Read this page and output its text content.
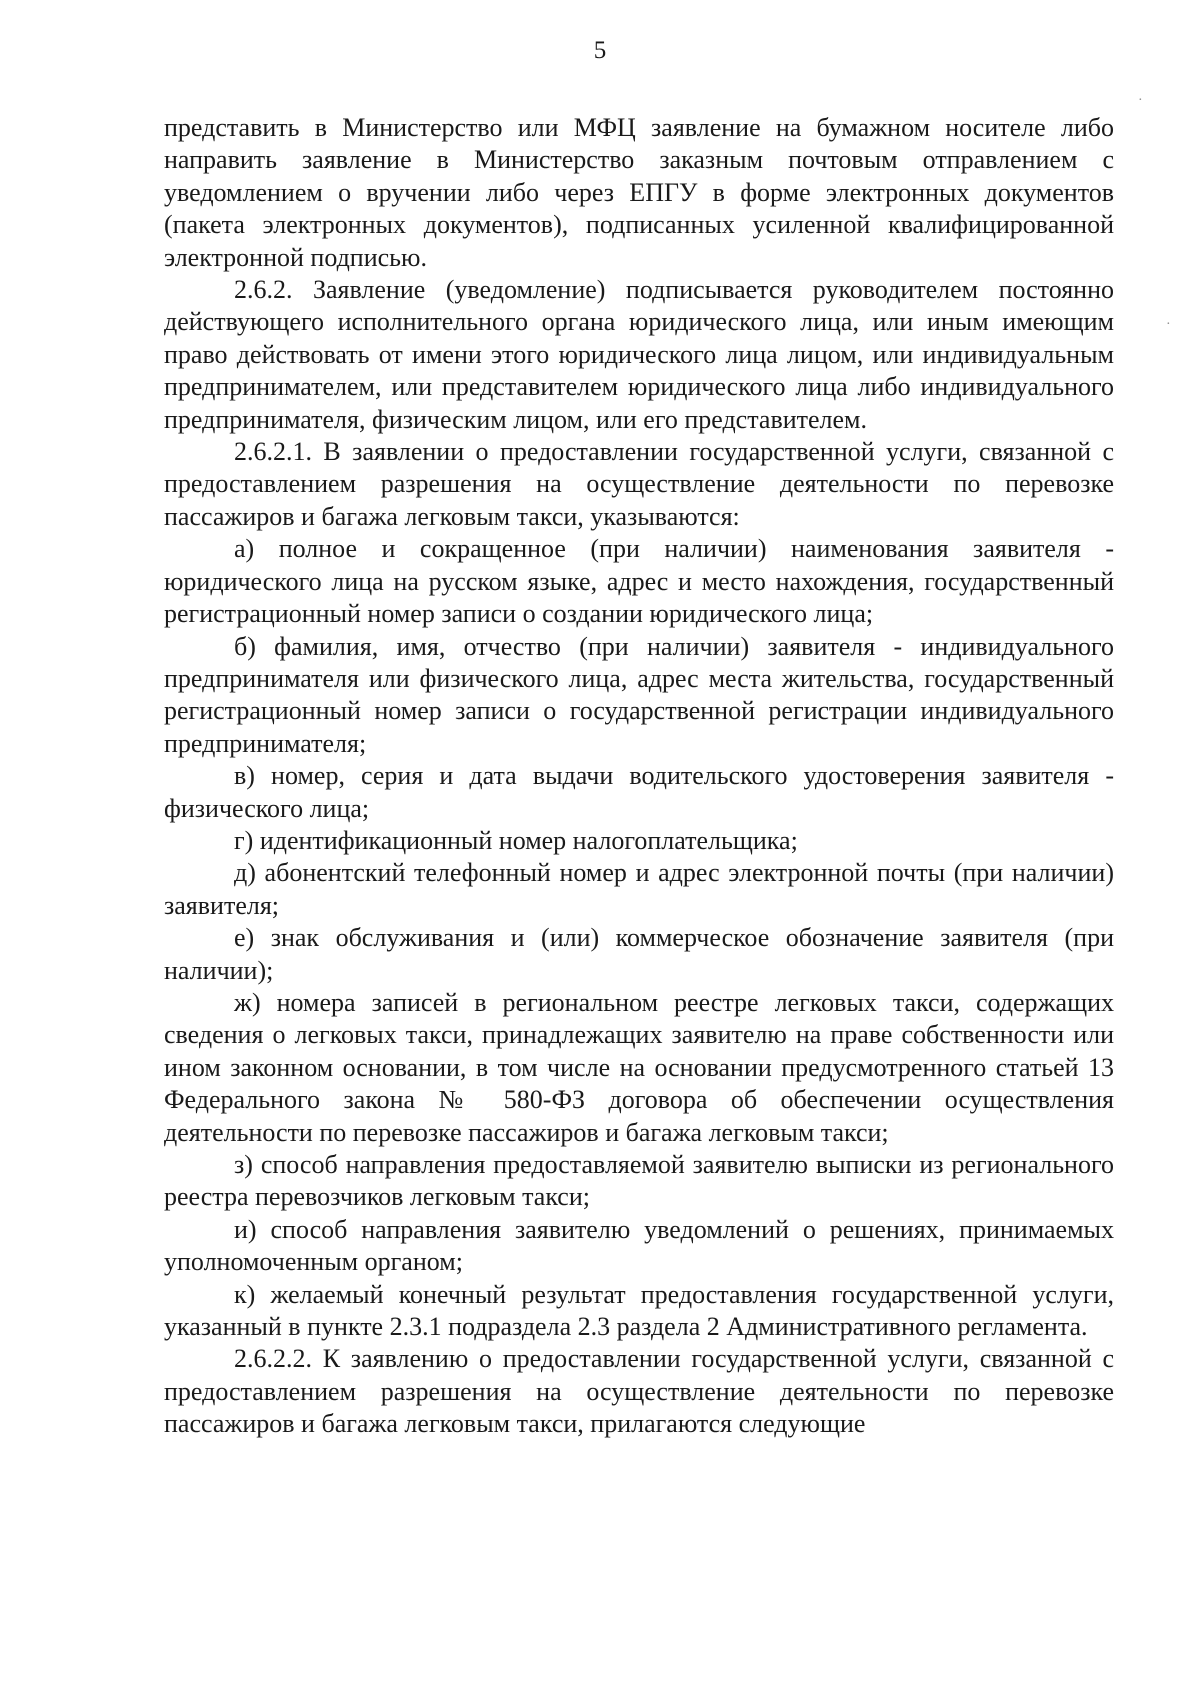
5
·
·

представить в Министерство или МФЦ заявление на бумажном носителе либо направить заявление в Министерство заказным почтовым отправлением с уведомлением о вручении либо через ЕПГУ в форме электронных документов (пакета электронных документов), подписанных усиленной квалифицированной электронной подписью.

2.6.2. Заявление (уведомление) подписывается руководителем постоянно действующего исполнительного органа юридического лица, или иным имеющим право действовать от имени этого юридического лица лицом, или индивидуальным предпринимателем, или представителем юридического лица либо индивидуального предпринимателя, физическим лицом, или его представителем.

2.6.2.1. В заявлении о предоставлении государственной услуги, связанной с предоставлением разрешения на осуществление деятельности по перевозке пассажиров и багажа легковым такси, указываются:

а) полное и сокращенное (при наличии) наименования заявителя - юридического лица на русском языке, адрес и место нахождения, государственный регистрационный номер записи о создании юридического лица;

б) фамилия, имя, отчество (при наличии) заявителя - индивидуального предпринимателя или физического лица, адрес места жительства, государственный регистрационный номер записи о государственной регистрации индивидуального предпринимателя;

в) номер, серия и дата выдачи водительского удостоверения заявителя - физического лица;

г) идентификационный номер налогоплательщика;

д) абонентский телефонный номер и адрес электронной почты (при наличии) заявителя;

е) знак обслуживания и (или) коммерческое обозначение заявителя (при наличии);

ж) номера записей в региональном реестре легковых такси, содержащих сведения о легковых такси, принадлежащих заявителю на праве собственности или ином законном основании, в том числе на основании предусмотренного статьей 13 Федерального закона № 580-ФЗ договора об обеспечении осуществления деятельности по перевозке пассажиров и багажа легковым такси;

з) способ направления предоставляемой заявителю выписки из регионального реестра перевозчиков легковым такси;

и) способ направления заявителю уведомлений о решениях, принимаемых уполномоченным органом;

к) желаемый конечный результат предоставления государственной услуги, указанный в пункте 2.3.1 подраздела 2.3 раздела 2 Административного регламента.

2.6.2.2. К заявлению о предоставлении государственной услуги, связанной с предоставлением разрешения на осуществление деятельности по перевозке пассажиров и багажа легковым такси, прилагаются следующие
